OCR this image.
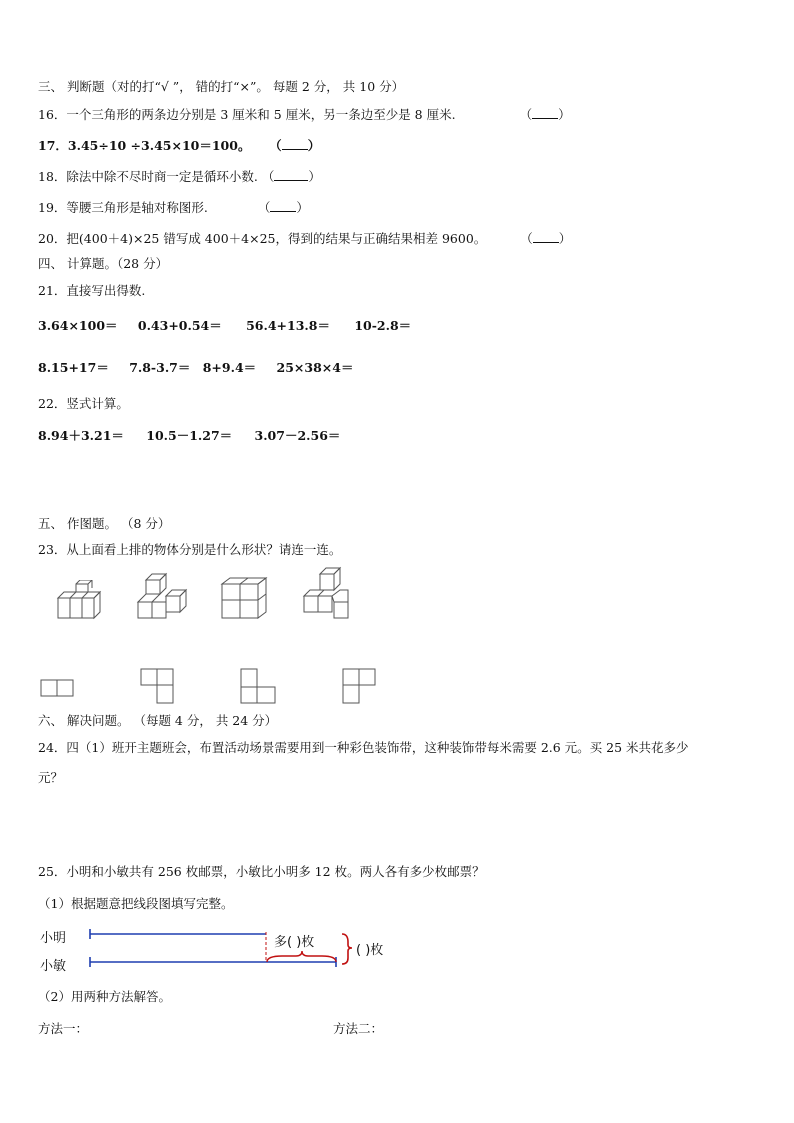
三、 判断题（对的打“√ ”， 错的打“×”。 每题 2 分， 共 10 分）
16．一个三角形的两条边分别是 3 厘米和 5 厘米，另一条边至少是 8 厘米.	（ ）
17．3.45÷10 ÷3.45×10＝100。 （ ）
18．除法中除不尽时商一定是循环小数. （	）
19．等腰三角形是轴对称图形.	（ ）
20．把(400＋4)×25 错写成 400＋4×25，得到的结果与正确结果相差 9600。	（ ）
四、 计算题。（28 分）
21．直接写出得数.
3.64×100＝ 0.43+0.54＝ 56.4+13.8＝ 10-2.8＝
8.15+17＝ 7.8-3.7＝ 8+9.4＝ 25×38×4＝
22．竖式计算。
8.94＋3.21＝ 10.5－1.27＝ 3.07－2.56＝
五、 作图题。 （8 分）
23．从上面看上排的物体分别是什么形状？请连一连。
六、 解决问题。 （每题 4 分， 共 24 分）
24．四（1）班开主题班会，布置活动场景需要用到一种彩色装饰带，这种装饰带每米需要 2.6 元。买 25 米共花多少
元？
25．小明和小敏共有 256 枚邮票，小敏比小明多 12 枚。两人各有多少枚邮票？
（1）根据题意把线段图填写完整。
小明
小敏
多( )枚
( )枚
（2）用两种方法解答。
方法一：	方法二：
